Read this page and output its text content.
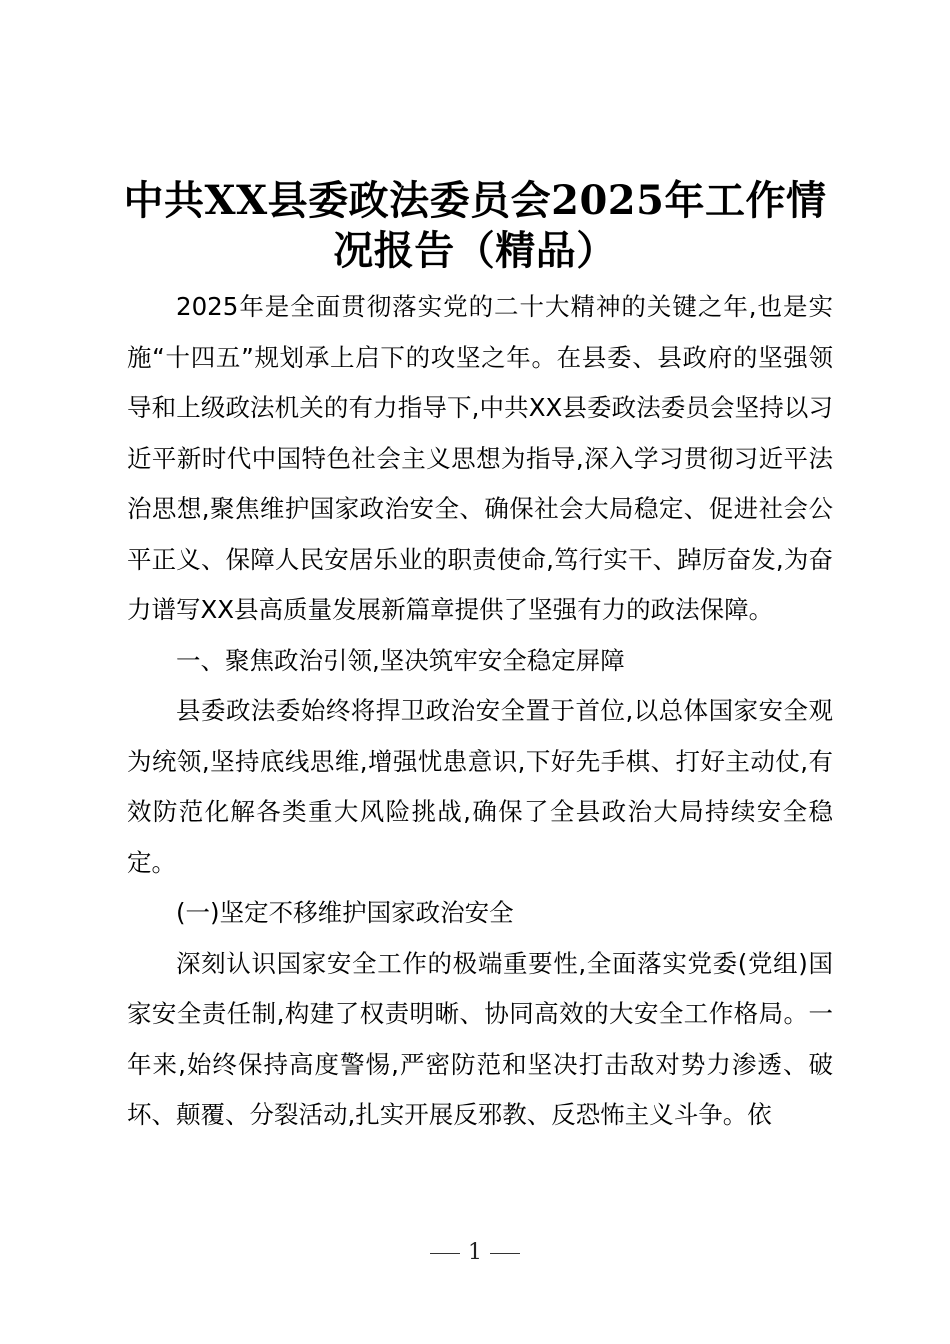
中共XX县委政法委员会2025年工作情况报告（精品）

2025年是全面贯彻落实党的二十大精神的关键之年,也是实施“十四五”规划承上启下的攻坚之年。在县委、县政府的坚强领导和上级政法机关的有力指导下,中共XX县委政法委员会坚持以习近平新时代中国特色社会主义思想为指导,深入学习贯彻习近平法治思想,聚焦维护国家政治安全、确保社会大局稳定、促进社会公平正义、保障人民安居乐业的职责使命,笃行实干、踔厉奋发,为奋力谱写XX县高质量发展新篇章提供了坚强有力的政法保障。

一、聚焦政治引领,坚决筑牢安全稳定屏障

县委政法委始终将捍卫政治安全置于首位,以总体国家安全观为统领,坚持底线思维,增强忧患意识,下好先手棋、打好主动仗,有效防范化解各类重大风险挑战,确保了全县政治大局持续安全稳定。

(一)坚定不移维护国家政治安全

深刻认识国家安全工作的极端重要性,全面落实党委(党组)国家安全责任制,构建了权责明晰、协同高效的大安全工作格局。一年来,始终保持高度警惕,严密防范和坚决打击敌对势力渗透、破坏、颠覆、分裂活动,扎实开展反邪教、反恐怖主义斗争。依

1
